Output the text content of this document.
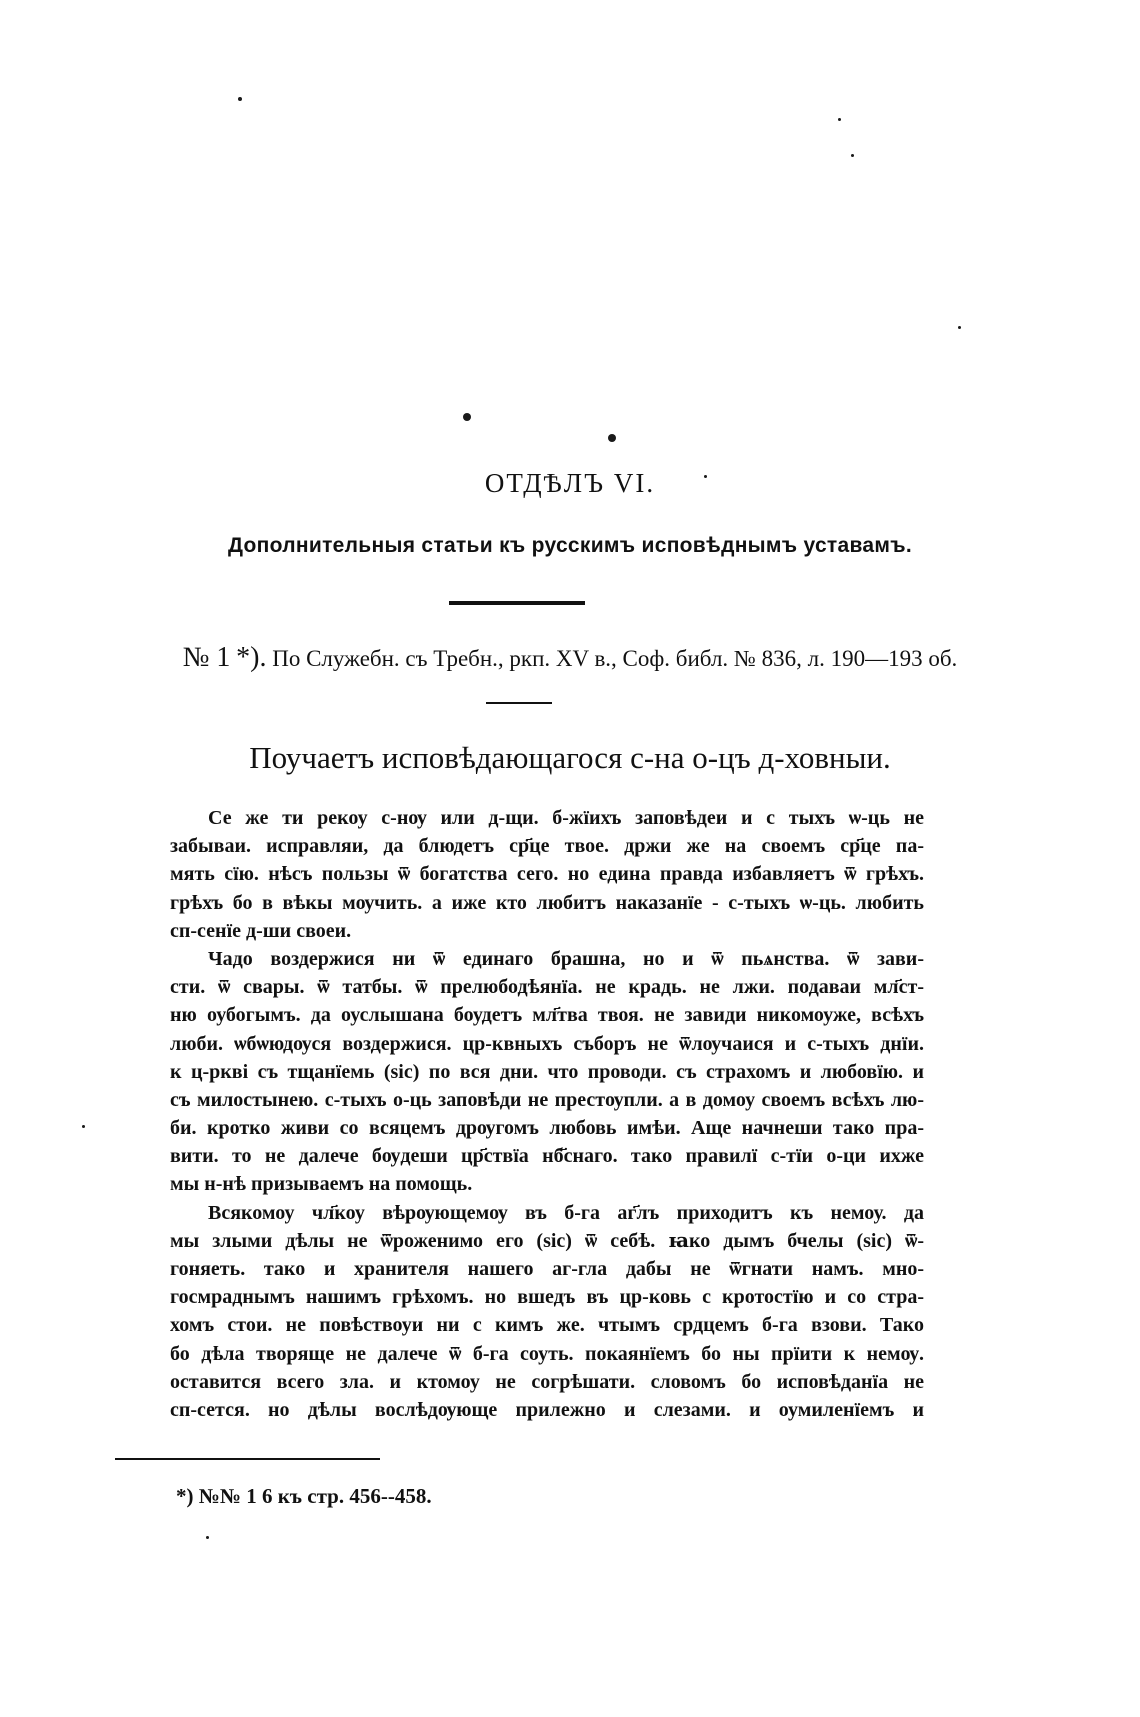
ОТДѢЛЪ VI.
Дополнительныя статьи къ русскимъ исповѣднымъ уставамъ.
№ 1 *). По Служебн. съ Требн., ркп. XV в., Соф. библ. № 836, л. 190—193 об.
Поучаетъ исповѣдающагося с-на о-цъ д-ховныи.
Се же ти рекоу с-нѹ или д-щи. б-жїихъ заповѣдеи и с тыхъ ѡ-ць не
забываи. исправляи, да блюдетъ ср҃це твое. држи же на своемъ ср҃це па-
мять сїю. нѣсъ пользы ѿ богатства сего. но едина правда избавляетъ ѿ грѣхъ.
грѣхъ бо в вѣкы мѹчить. а иже кто любитъ наказанїе - с-тыхъ ѡ-ць. любить
сп-сенїе д-ши своеи.
Чадо воздержися ни ѿ единаго брашна, но и ѿ пьѧнства. ѿ зави-
сти. ѿ свары. ѿ татбы. ѿ прелюбодѣянїа. не крадь. не лжи. подаваи мл҃ст-
ню оубогымъ. да оуслышана боудетъ мл҃тва твоя. не завиди никомоуже, всѣхъ
люби. ѡбѡюдѹся воздержися. цр-квныхъ съборъ не ѿлѹчаися и с-тыхъ днїи.
к ц-ркві съ тщанїемь (sic) по вся дни. что проводи. съ страхомъ и любовїю. и
съ милостынею. с-тыхъ о-ць заповѣди не престѹпли. а в домоу своемъ всѣхъ лю-
би. кротко живи со всяцемъ дрѹгомъ любовь имѣи. Аще начнеши тако пра-
вити. то не далече бѹдеши цр҃ствїа нб҃снаго. тако правилї с-тїи о-ци ихже
мы н-нѣ призываемъ на помощь.
Всякомоу чл҃коу вѣрѹющемѹ въ б-га аг҃лъ приходитъ къ немоу. да
мы злыми дѣлы не ѿроженимо его (sic) ѿ себѣ. ꙗко дымъ бчелы (sic) ѿ-
гоняеть. тако и хранителя нашего аг-гла дабы не ѿгнати намъ. мно-
госмраднымъ нашимъ грѣхомъ. но вшедъ въ цр-ковь с кротостїю и со стра-
хомъ стои. не повѣствоуи ни с кимъ же. чтымъ срдцемъ б-га взови. Тако
бо дѣла творяще не далече ѿ б-га соуть. покаянїемъ бо ны прїити к немѹ.
оставится всего зла. и ктомоу не согрѣшати. словомъ бо исповѣданїа не
сп-сется. но дѣлы вослѣдѹюще прилежно и слезами. и оумиленїемъ и
*) №№ 1 6 къ стр. 456--458.
